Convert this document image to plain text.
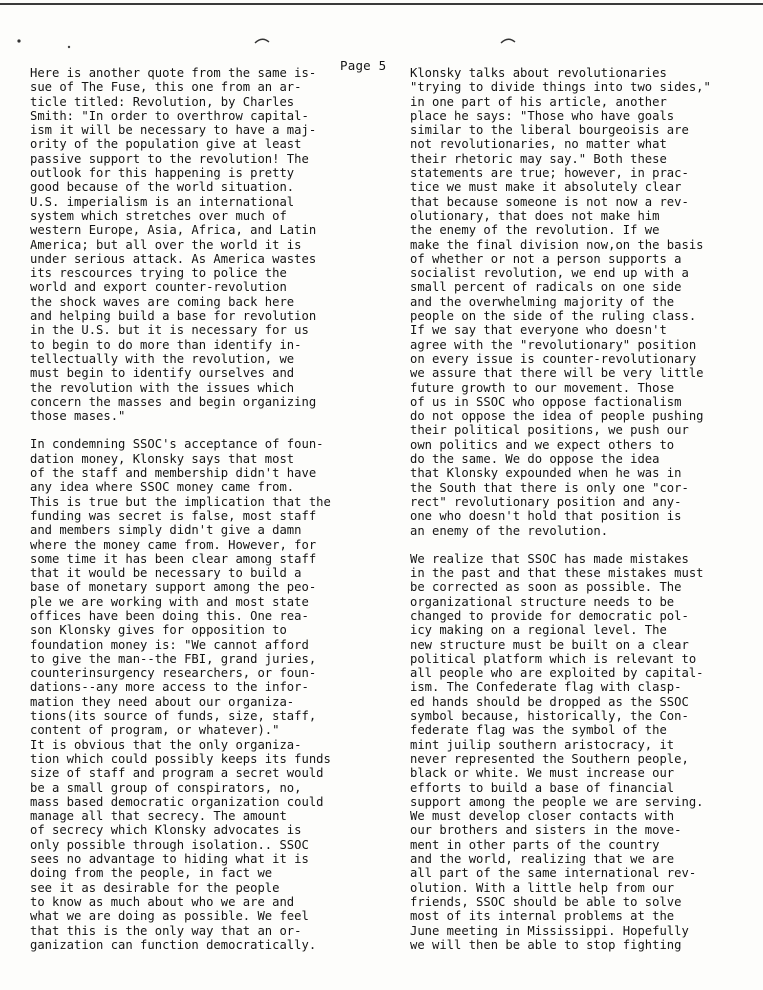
Page 5

Here is another quote from the same is-
sue of The Fuse, this one from an ar-
ticle titled: Revolution, by Charles
Smith: "In order to overthrow capital-
ism it will be necessary to have a maj-
ority of the population give at least
passive support to the revolution! The
outlook for this happening is pretty
good because of the world situation.
U.S. imperialism is an international
system which stretches over much of
western Europe, Asia, Africa, and Latin
America; but all over the world it is
under serious attack. As America wastes
its rescources trying to police the
world and export counter-revolution
the shock waves are coming back here
and helping build a base for revolution
in the U.S. but it is necessary for us
to begin to do more than identify in-
tellectually with the revolution, we
must begin to identify ourselves and
the revolution with the issues which
concern the masses and begin organizing
those mases."

In condemning SSOC's acceptance of foun-
dation money, Klonsky says that most
of the staff and membership didn't have
any idea where SSOC money came from.
This is true but the implication that the
funding was secret is false, most staff
and members simply didn't give a damn
where the money came from. However, for
some time it has been clear among staff
that it would be necessary to build a
base of monetary support among the peo-
ple we are working with and most state
offices have been doing this. One rea-
son Klonsky gives for opposition to
foundation money is: "We cannot afford
to give the man--the FBI, grand juries,
counterinsurgency researchers, or foun-
dations--any more access to the infor-
mation they need about our organiza-
tions(its source of funds, size, staff,
content of program, or whatever)."
It is obvious that the only organiza-
tion which could possibly keeps its funds
size of staff and program a secret would
be a small group of conspirators, no,
mass based democratic organization could
manage all that secrecy. The amount
of secrecy which Klonsky advocates is
only possible through isolation.. SSOC
sees no advantage to hiding what it is
doing from the people, in fact we
see it as desirable for the people
to know as much about who we are and
what we are doing as possible. We feel
that this is the only way that an or-
ganization can function democratically.

Klonsky talks about revolutionaries
"trying to divide things into two sides,"
in one part of his article, another
place he says: "Those who have goals
similar to the liberal bourgeoisis are
not revolutionaries, no matter what
their rhetoric may say." Both these
statements are true; however, in prac-
tice we must make it absolutely clear
that because someone is not now a rev-
olutionary, that does not make him
the enemy of the revolution. If we
make the final division now,on the basis
of whether or not a person supports a
socialist revolution, we end up with a
small percent of radicals on one side
and the overwhelming majority of the
people on the side of the ruling class.
If we say that everyone who doesn't
agree with the "revolutionary" position
on every issue is counter-revolutionary
we assure that there will be very little
future growth to our movement. Those
of us in SSOC who oppose factionalism
do not oppose the idea of people pushing
their political positions, we push our
own politics and we expect others to
do the same. We do oppose the idea
that Klonsky expounded when he was in
the South that there is only one "cor-
rect" revolutionary position and any-
one who doesn't hold that position is
an enemy of the revolution.

We realize that SSOC has made mistakes
in the past and that these mistakes must
be corrected as soon as possible. The
organizational structure needs to be
changed to provide for democratic pol-
icy making on a regional level. The
new structure must be built on a clear
political platform which is relevant to
all people who are exploited by capital-
ism. The Confederate flag with clasp-
ed hands should be dropped as the SSOC
symbol because, historically, the Con-
federate flag was the symbol of the
mint juilip southern aristocracy, it
never represented the Southern people,
black or white. We must increase our
efforts to build a base of financial
support among the people we are serving.
We must develop closer contacts with
our brothers and sisters in the move-
ment in other parts of the country
and the world, realizing that we are
all part of the same international rev-
olution. With a little help from our
friends, SSOC should be able to solve
most of its internal problems at the
June meeting in Mississippi. Hopefully
we will then be able to stop fighting
